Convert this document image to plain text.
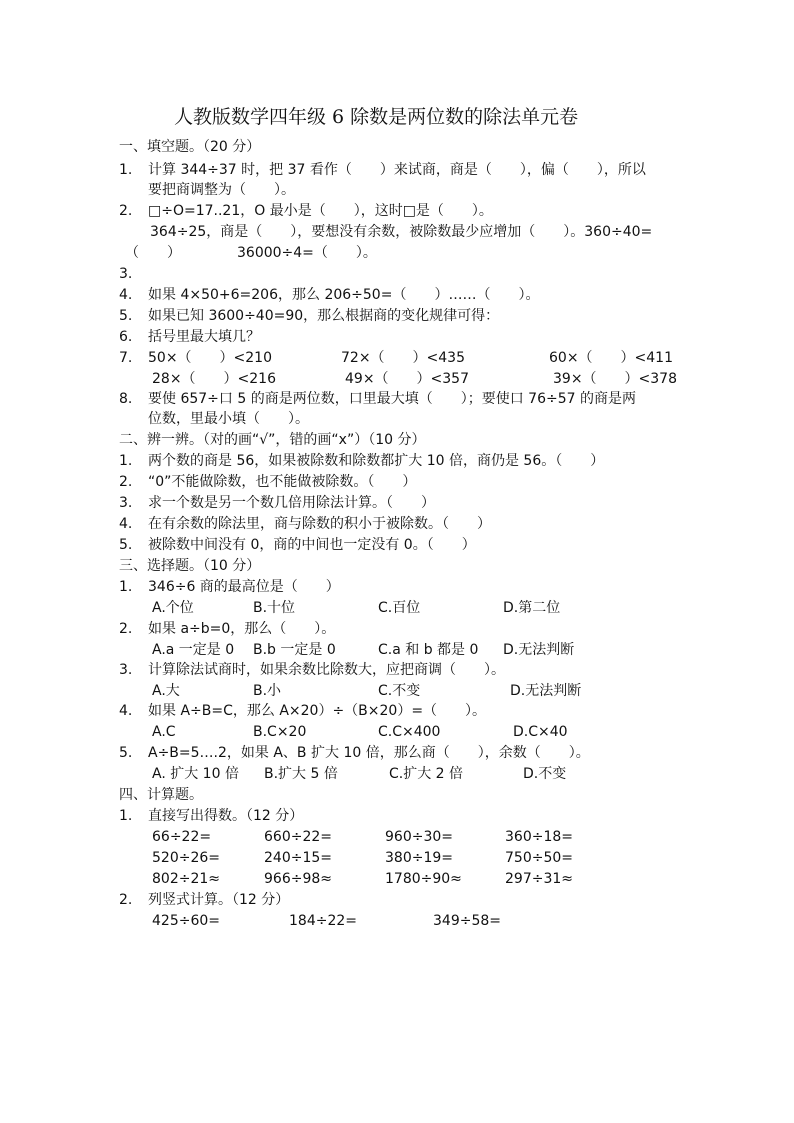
人教版数学四年级 6 除数是两位数的除法单元卷
一、填空题。（20 分）
1. 计算 344÷37 时，把 37 看作（　　）来试商，商是（　　），偏（　　），所以
要把商调整为（　　）。
2. □÷O=17..21，O 最小是（　　），这时□是（　　）。
364÷25，商是（　　），要想没有余数，被除数最少应增加（　　）。360÷40=
（　　）	36000÷4=（　　）。
3.
4. 如果 4×50+6=206，那么 206÷50=（　　）……（　　）。
5. 如果已知 3600÷40=90，那么根据商的变化规律可得：
6. 括号里最大填几？
7. 50×（　　）<210	72×（　　）<435	60×（　　）<411
28×（　　）<216	49×（　　）<357	39×（　　）<378
8. 要使 657÷口 5 的商是两位数，口里最大填（　　）；要使口 76÷57 的商是两
位数，里最小填（　　）。
二、辨一辨。（对的画“√”，错的画“x”）（10 分）
1. 两个数的商是 56，如果被除数和除数都扩大 10 倍，商仍是 56。（　　）
2. “0”不能做除数，也不能做被除数。（　　）
3. 求一个数是另一个数几倍用除法计算。（　　）
4. 在有余数的除法里，商与除数的积小于被除数。（　　）
5. 被除数中间没有 0，商的中间也一定没有 0。（　　）
三、选择题。（10 分）
1. 346÷6 商的最高位是（　　）
A.个位	B.十位	C.百位	D.第二位
2. 如果 a÷b=0，那么（　　）。
A.a 一定是 0 B.b 一定是 0	C.a 和 b 都是 0 D.无法判断
3. 计算除法试商时，如果余数比除数大，应把商调（　　）。
A.大	B.小	C.不变	D.无法判断
4. 如果 A÷B=C，那么 A×20）÷（B×20）=（　　）。
A.C	B.C×20	C.C×400	D.C×40
5. A÷B=5….2，如果 A、B 扩大 10 倍，那么商（　　），余数（　　）。
A. 扩大 10 倍 B.扩大 5 倍	C.扩大 2 倍	D.不变
四、计算题。
1. 直接写出得数。（12 分）
66÷22=	660÷22=	960÷30=	360÷18=
520÷26=	240÷15=	380÷19=	750÷50=
802÷21≈	966÷98≈	1780÷90≈	297÷31≈
2. 列竖式计算。（12 分）
425÷60=	184÷22=	349÷58=
